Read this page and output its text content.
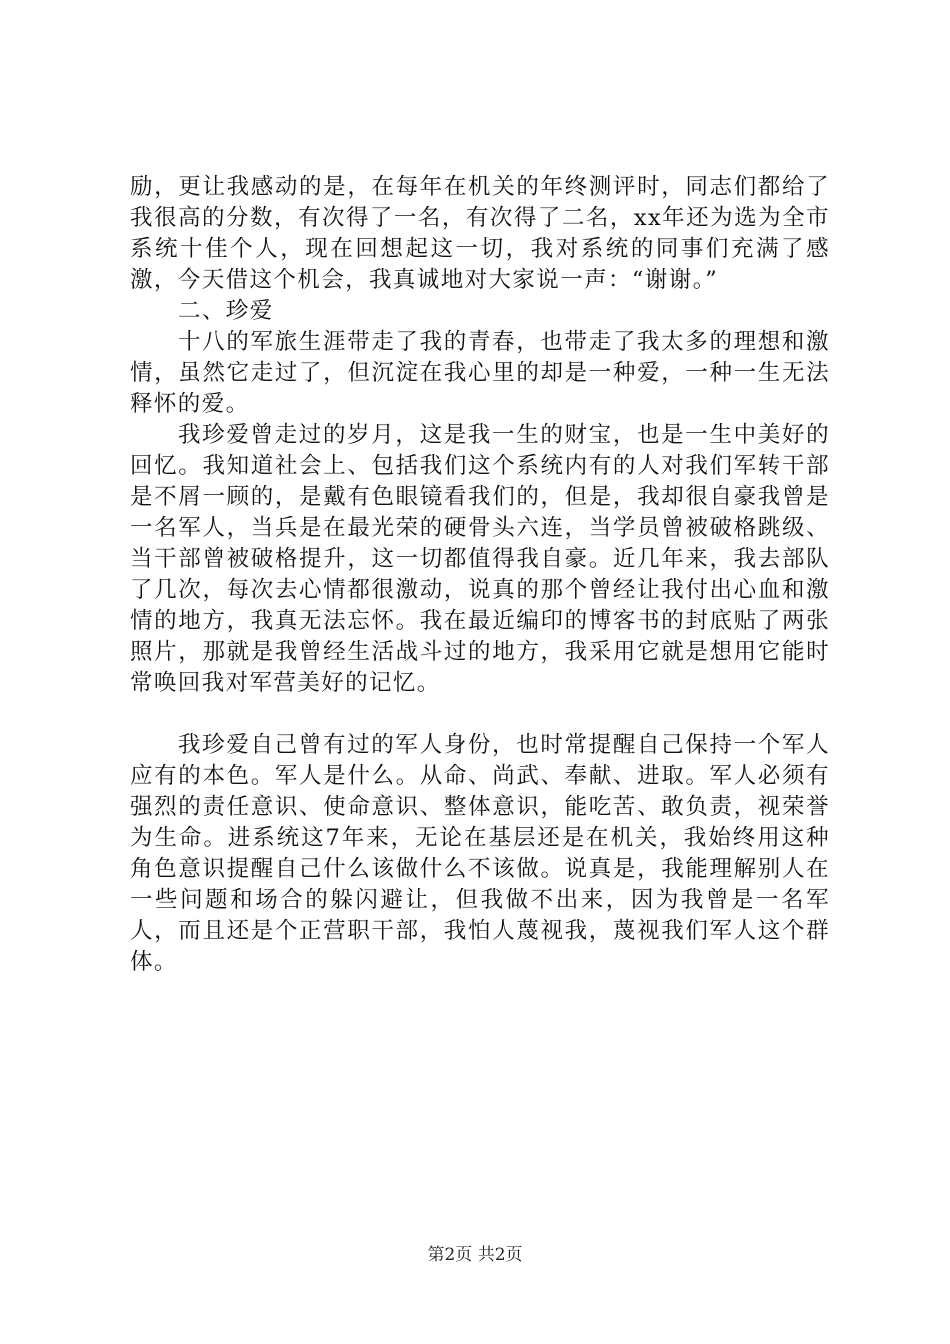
励，更让我感动的是，在每年在机关的年终测评时，同志们都给了我很高的分数，有次得了一名，有次得了二名，xx年还为选为全市系统十佳个人，现在回想起这一切，我对系统的同事们充满了感激，今天借这个机会，我真诚地对大家说一声：“谢谢。”

二、珍爱

十八的军旅生涯带走了我的青春，也带走了我太多的理想和激情，虽然它走过了，但沉淀在我心里的却是一种爱，一种一生无法释怀的爱。

我珍爱曾走过的岁月，这是我一生的财宝，也是一生中美好的回忆。我知道社会上、包括我们这个系统内有的人对我们军转干部是不屑一顾的，是戴有色眼镜看我们的，但是，我却很自豪我曾是一名军人，当兵是在最光荣的硬骨头六连，当学员曾被破格跳级、当干部曾被破格提升，这一切都值得我自豪。近几年来，我去部队了几次，每次去心情都很激动，说真的那个曾经让我付出心血和激情的地方，我真无法忘怀。我在最近编印的博客书的封底贴了两张照片，那就是我曾经生活战斗过的地方，我采用它就是想用它能时常唤回我对军营美好的记忆。

我珍爱自己曾有过的军人身份，也时常提醒自己保持一个军人应有的本色。军人是什么。从命、尚武、奉献、进取。军人必须有强烈的责任意识、使命意识、整体意识，能吃苦、敢负责，视荣誉为生命。进系统这7年来，无论在基层还是在机关，我始终用这种角色意识提醒自己什么该做什么不该做。说真是，我能理解别人在一些问题和场合的躲闪避让，但我做不出来，因为我曾是一名军人，而且还是个正营职干部，我怕人蔑视我，蔑视我们军人这个群体。

第2页 共2页
